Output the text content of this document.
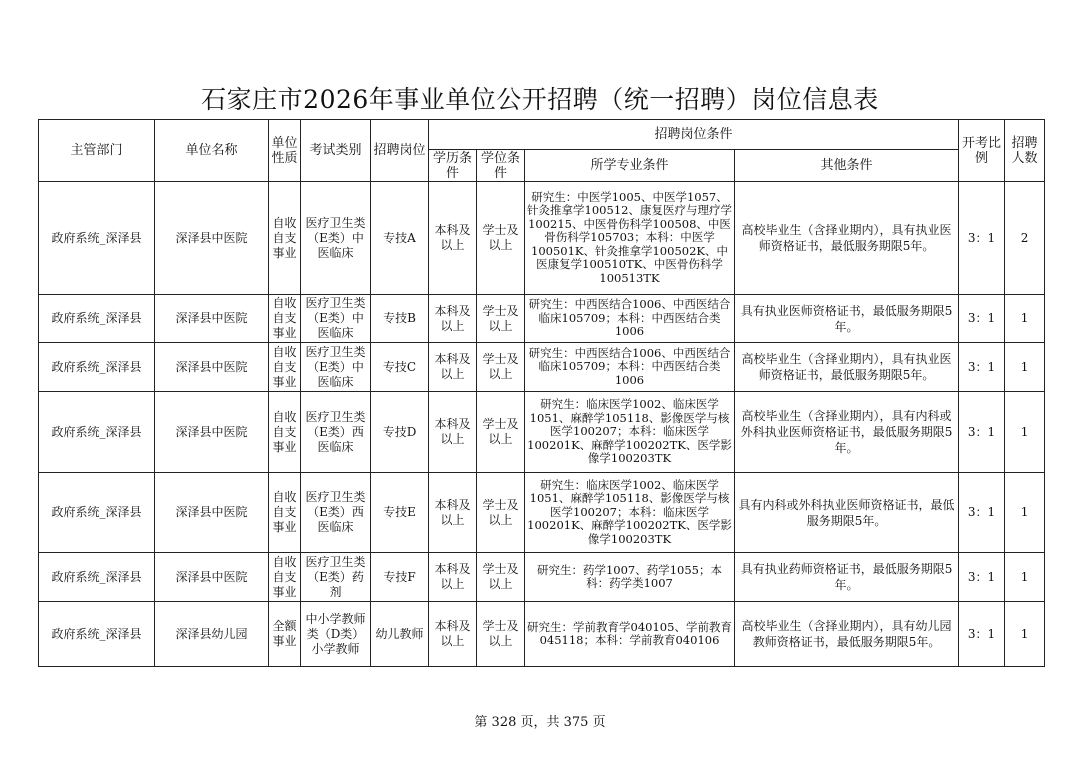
石家庄市2026年事业单位公开招聘（统一招聘）岗位信息表
主管部门	单位名称	单位性质	考试类别	招聘岗位	招聘岗位条件				开考比例	招聘人数
					学历条件	学位条件	所学专业条件	其他条件		
政府系统_深泽县	深泽县中医院	自收自支事业	医疗卫生类（E类）中医临床	专技A	本科及以上	学士及以上	研究生：中医学1005、中医学1057、针灸推拿学100512、康复医疗与理疗学100215、中医骨伤科学100508、中医骨伤科学105703；本科：中医学100501K、针灸推拿学100502K、中医康复学100510TK、中医骨伤科学100513TK	高校毕业生（含择业期内），具有执业医师资格证书，最低服务期限5年。	3：1	2
政府系统_深泽县	深泽县中医院	自收自支事业	医疗卫生类（E类）中医临床	专技B	本科及以上	学士及以上	研究生：中西医结合1006、中西医结合临床105709；本科：中西医结合类1006	具有执业医师资格证书，最低服务期限5年。	3：1	1
政府系统_深泽县	深泽县中医院	自收自支事业	医疗卫生类（E类）中医临床	专技C	本科及以上	学士及以上	研究生：中西医结合1006、中西医结合临床105709；本科：中西医结合类1006	高校毕业生（含择业期内），具有执业医师资格证书，最低服务期限5年。	3：1	1
政府系统_深泽县	深泽县中医院	自收自支事业	医疗卫生类（E类）西医临床	专技D	本科及以上	学士及以上	研究生：临床医学1002、临床医学1051、麻醉学105118、影像医学与核医学100207；本科：临床医学100201K、麻醉学100202TK、医学影像学100203TK	高校毕业生（含择业期内），具有内科或外科执业医师资格证书，最低服务期限5年。	3：1	1
政府系统_深泽县	深泽县中医院	自收自支事业	医疗卫生类（E类）西医临床	专技E	本科及以上	学士及以上	研究生：临床医学1002、临床医学1051、麻醉学105118、影像医学与核医学100207；本科：临床医学100201K、麻醉学100202TK、医学影像学100203TK	具有内科或外科执业医师资格证书，最低服务期限5年。	3：1	1
政府系统_深泽县	深泽县中医院	自收自支事业	医疗卫生类（E类）药剂	专技F	本科及以上	学士及以上	研究生：药学1007、药学1055；本科：药学类1007	具有执业药师资格证书，最低服务期限5年。	3：1	1
政府系统_深泽县	深泽县幼儿园	全额事业	中小学教师类（D类）小学教师	幼儿教师	本科及以上	学士及以上	研究生：学前教育学040105、学前教育045118；本科：学前教育040106	高校毕业生（含择业期内），具有幼儿园教师资格证书，最低服务期限5年。	3：1	1
第 328 页，共 375 页
